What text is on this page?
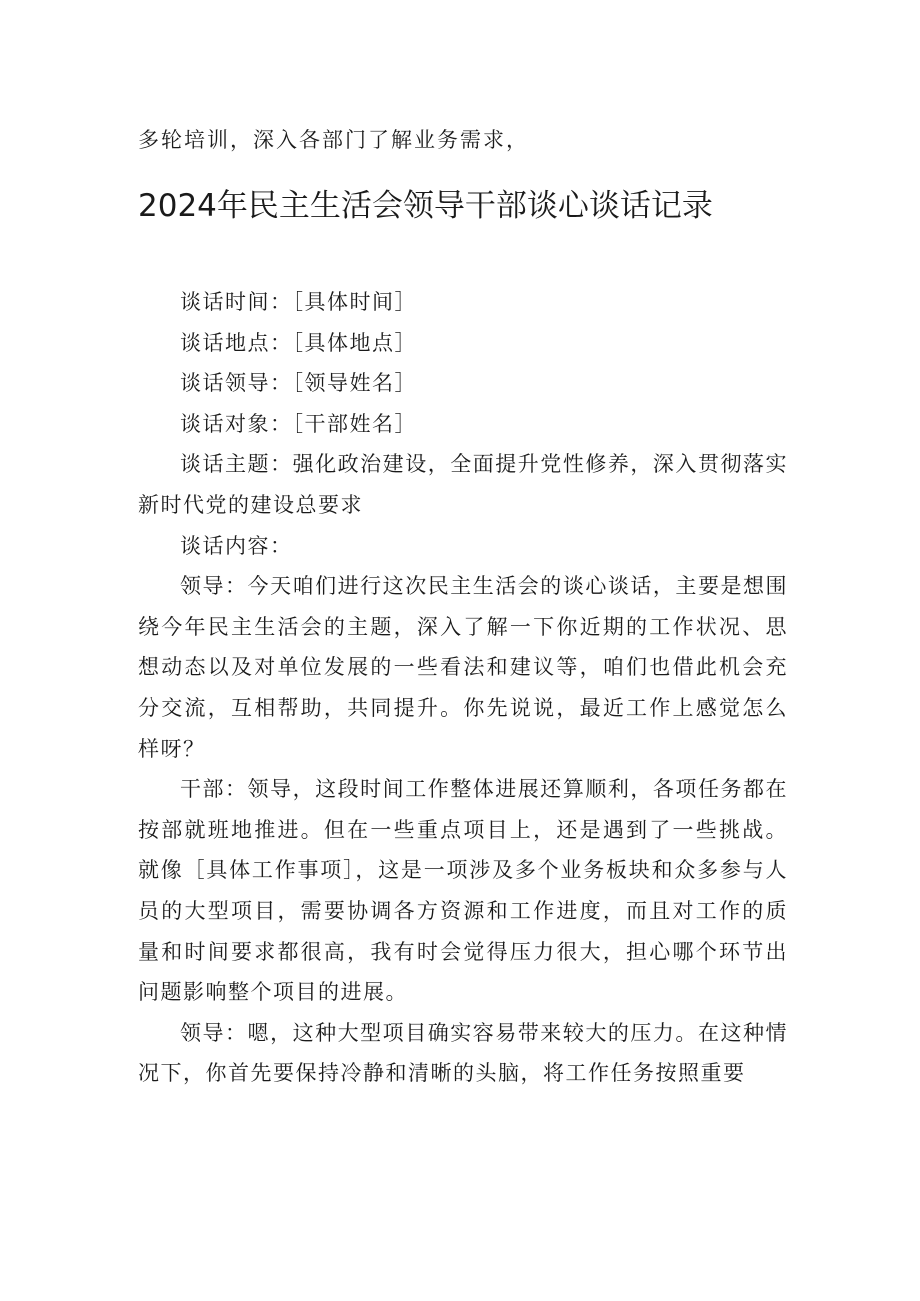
多轮培训，深入各部门了解业务需求，
2024年民主生活会领导干部谈心谈话记录

谈话时间：［具体时间］

谈话地点：［具体地点］

谈话领导：［领导姓名］

谈话对象：［干部姓名］

谈话主题：强化政治建设，全面提升党性修养，深入贯彻落实新时代党的建设总要求

谈话内容：

领导：今天咱们进行这次民主生活会的谈心谈话，主要是想围绕今年民主生活会的主题，深入了解一下你近期的工作状况、思想动态以及对单位发展的一些看法和建议等，咱们也借此机会充分交流，互相帮助，共同提升。你先说说，最近工作上感觉怎么样呀？

干部：领导，这段时间工作整体进展还算顺利，各项任务都在按部就班地推进。但在一些重点项目上，还是遇到了一些挑战。就像［具体工作事项］，这是一项涉及多个业务板块和众多参与人员的大型项目，需要协调各方资源和工作进度，而且对工作的质量和时间要求都很高，我有时会觉得压力很大，担心哪个环节出问题影响整个项目的进展。

领导：嗯，这种大型项目确实容易带来较大的压力。在这种情况下，你首先要保持冷静和清晰的头脑，将工作任务按照重要
